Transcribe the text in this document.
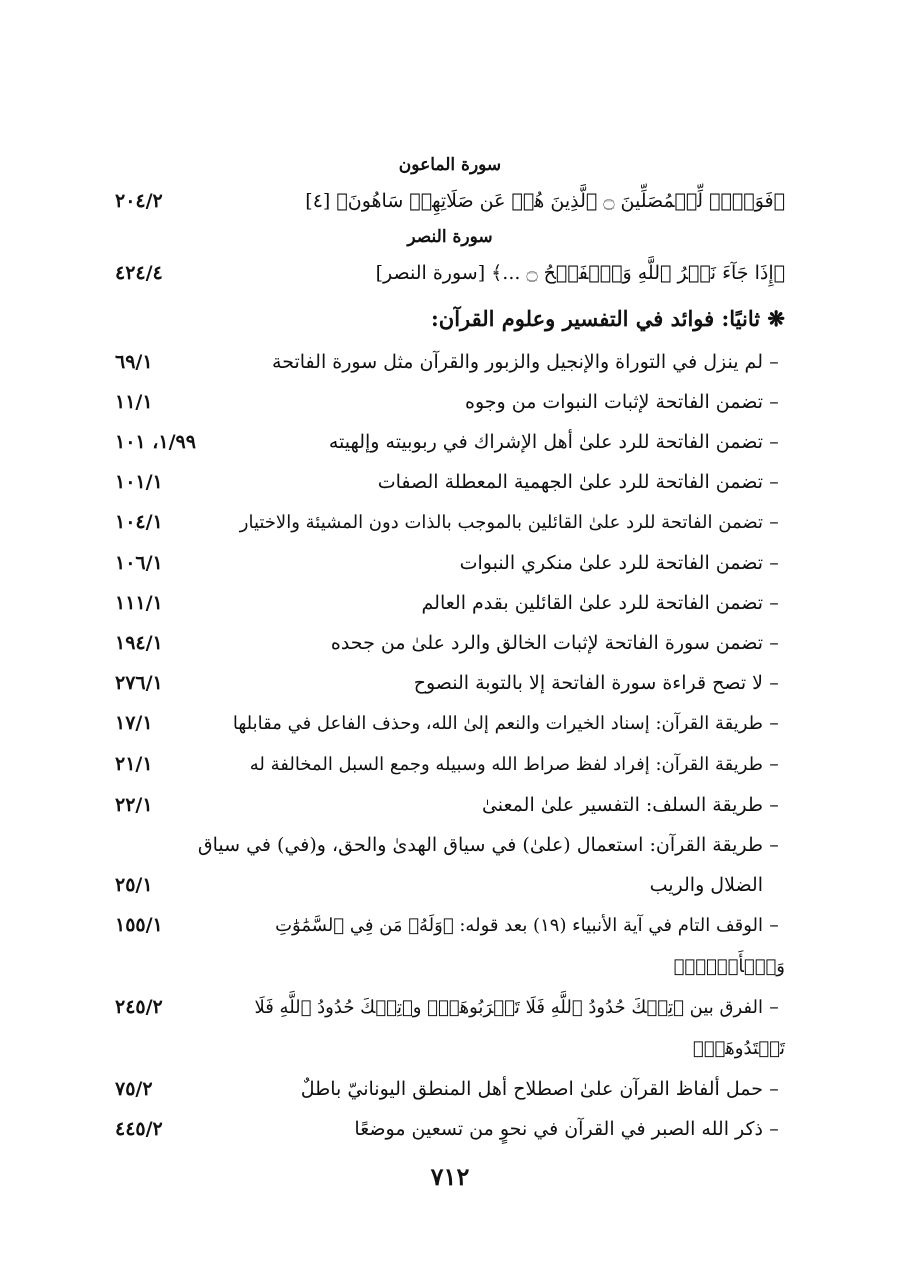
سورة الماعون
﴿فَوَيۡلٞ لِّلۡمُصَلِّينَ ۝ ٱلَّذِينَ هُمۡ عَن صَلَاتِهِمۡ سَاهُونَ﴾ [٤]
٢٠٤/٢
سورة النصر
﴿إِذَا جَآءَ نَصۡرُ ٱللَّهِ وَٱلۡفَتۡحُ ۝ ...﴾ [سورة النصر]
٤٢٤/٤
❋ ثانيًا: فوائد في التفسير وعلوم القرآن:
–لم ينزل في التوراة والإنجيل والزبور والقرآن مثل سورة الفاتحة
٦٩/١
–تضمن الفاتحة لإثبات النبوات من وجوه
١١/١
–تضمن الفاتحة للرد علىٰ أهل الإشراك في ربوبيته وإلهيته
١/٩٩، ١٠١
–تضمن الفاتحة للرد علىٰ الجهمية المعطلة الصفات
١٠١/١
–تضمن الفاتحة للرد علىٰ القائلين بالموجب بالذات دون المشيئة والاختيار
١٠٤/١
–تضمن الفاتحة للرد علىٰ منكري النبوات
١٠٦/١
–تضمن الفاتحة للرد علىٰ القائلين بقدم العالم
١١١/١
–تضمن سورة الفاتحة لإثبات الخالق والرد علىٰ من جحده
١٩٤/١
–لا تصح قراءة سورة الفاتحة إلا بالتوبة النصوح
٢٧٦/١
–طريقة القرآن: إسناد الخيرات والنعم إلىٰ الله، وحذف الفاعل في مقابلها
١٧/١
–طريقة القرآن: إفراد لفظ صراط الله وسبيله وجمع السبل المخالفة له
٢١/١
–طريقة السلف: التفسير علىٰ المعنىٰ
٢٢/١
–طريقة القرآن: استعمال (علىٰ) في سياق الهدىٰ والحق، و(في) في سياق
الضلال والريب
٢٥/١
–الوقف التام في آية الأنبياء (١٩) بعد قوله: ﴿وَلَهُۥ مَن فِي ٱلسَّمَٰوَٰتِ وَٱلۡأَرۡضِۚ﴾
١٥٥/١
–الفرق بين ﴿تِلۡكَ حُدُودُ ٱللَّهِ فَلَا تَقۡرَبُوهَاۗ﴾ و﴿تِلۡكَ حُدُودُ ٱللَّهِ فَلَا تَعۡتَدُوهَاۚ﴾
٢٤٥/٢
–حمل ألفاظ القرآن علىٰ اصطلاح أهل المنطق اليونانيّ باطلٌ
٧٥/٢
–ذكر الله الصبر في القرآن في نحوٍ من تسعين موضعًا
٤٤٥/٢
٧١٢
